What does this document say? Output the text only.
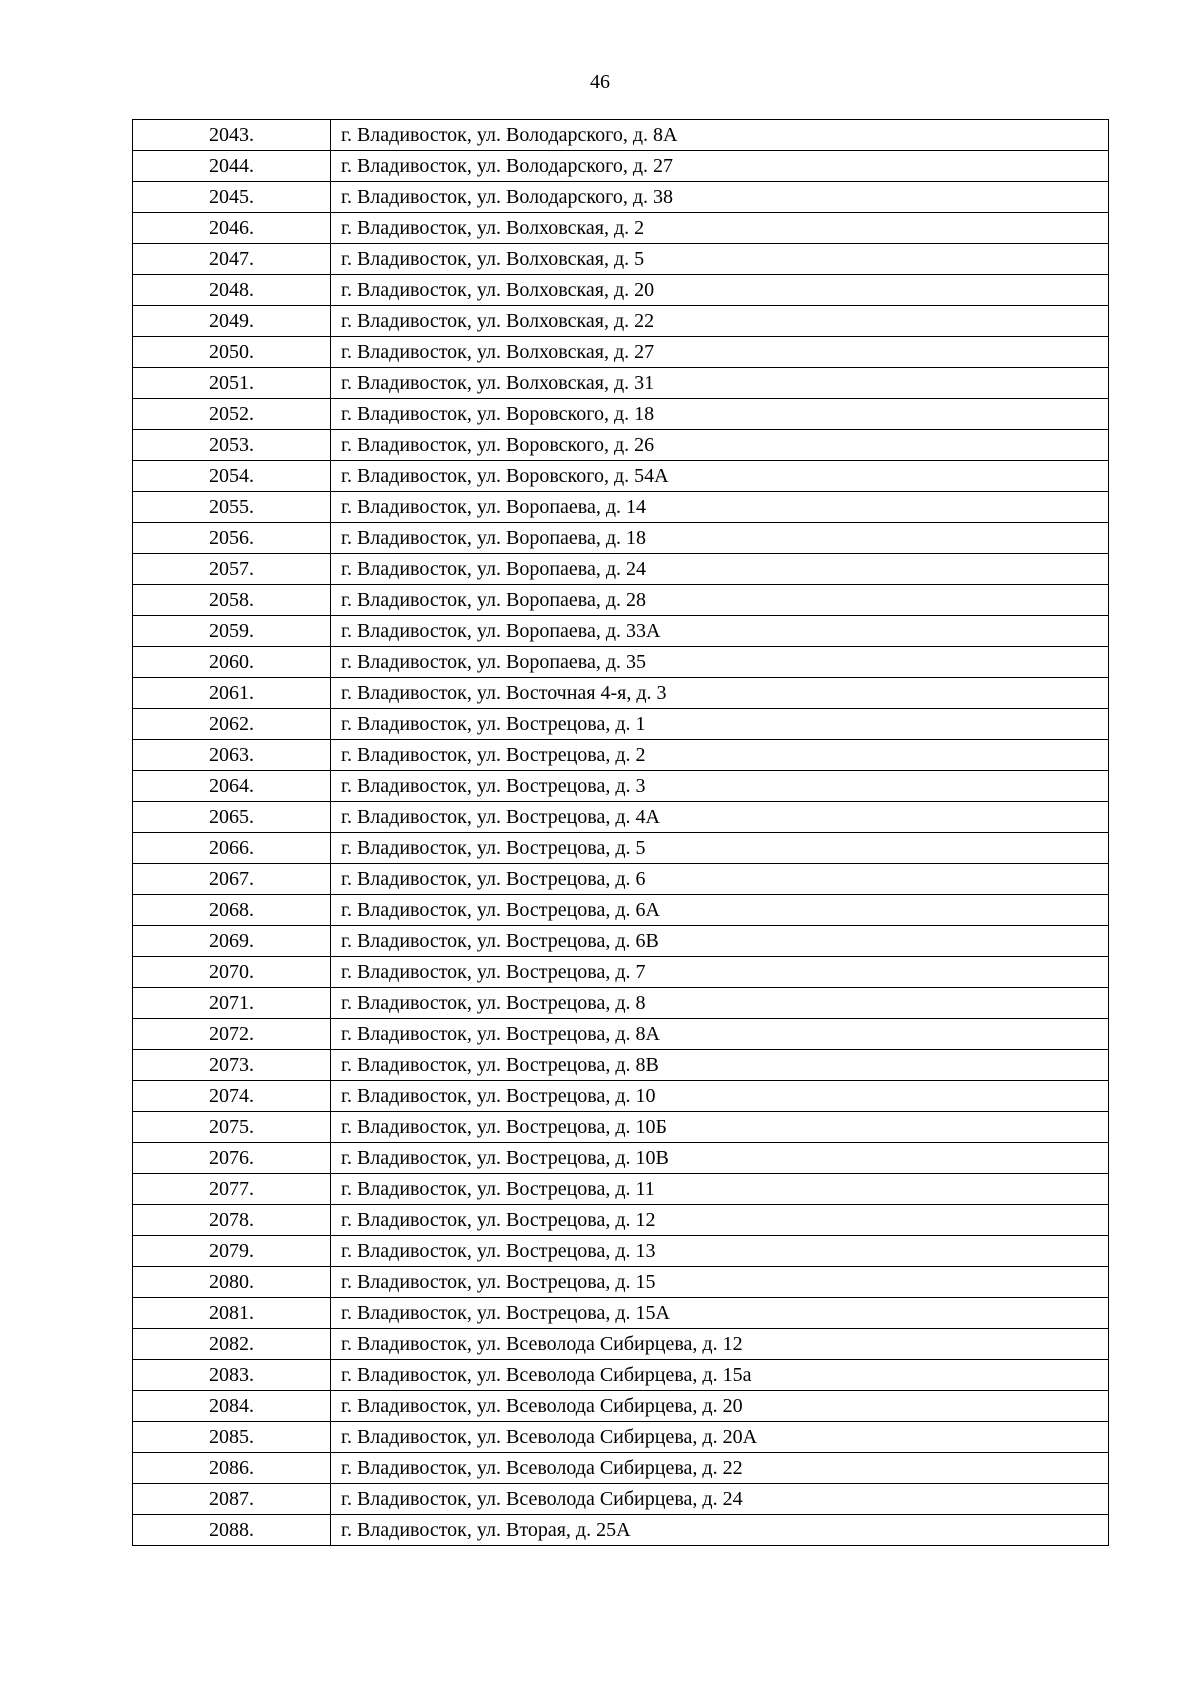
46
2043.	г. Владивосток, ул. Володарского, д. 8А
2044.	г. Владивосток, ул. Володарского, д. 27
2045.	г. Владивосток, ул. Володарского, д. 38
2046.	г. Владивосток, ул. Волховская, д. 2
2047.	г. Владивосток, ул. Волховская, д. 5
2048.	г. Владивосток, ул. Волховская, д. 20
2049.	г. Владивосток, ул. Волховская, д. 22
2050.	г. Владивосток, ул. Волховская, д. 27
2051.	г. Владивосток, ул. Волховская, д. 31
2052.	г. Владивосток, ул. Воровского, д. 18
2053.	г. Владивосток, ул. Воровского, д. 26
2054.	г. Владивосток, ул. Воровского, д. 54А
2055.	г. Владивосток, ул. Воропаева, д. 14
2056.	г. Владивосток, ул. Воропаева, д. 18
2057.	г. Владивосток, ул. Воропаева, д. 24
2058.	г. Владивосток, ул. Воропаева, д. 28
2059.	г. Владивосток, ул. Воропаева, д. 33А
2060.	г. Владивосток, ул. Воропаева, д. 35
2061.	г. Владивосток, ул. Восточная 4-я, д. 3
2062.	г. Владивосток, ул. Вострецова, д. 1
2063.	г. Владивосток, ул. Вострецова, д. 2
2064.	г. Владивосток, ул. Вострецова, д. 3
2065.	г. Владивосток, ул. Вострецова, д. 4А
2066.	г. Владивосток, ул. Вострецова, д. 5
2067.	г. Владивосток, ул. Вострецова, д. 6
2068.	г. Владивосток, ул. Вострецова, д. 6А
2069.	г. Владивосток, ул. Вострецова, д. 6В
2070.	г. Владивосток, ул. Вострецова, д. 7
2071.	г. Владивосток, ул. Вострецова, д. 8
2072.	г. Владивосток, ул. Вострецова, д. 8А
2073.	г. Владивосток, ул. Вострецова, д. 8В
2074.	г. Владивосток, ул. Вострецова, д. 10
2075.	г. Владивосток, ул. Вострецова, д. 10Б
2076.	г. Владивосток, ул. Вострецова, д. 10В
2077.	г. Владивосток, ул. Вострецова, д. 11
2078.	г. Владивосток, ул. Вострецова, д. 12
2079.	г. Владивосток, ул. Вострецова, д. 13
2080.	г. Владивосток, ул. Вострецова, д. 15
2081.	г. Владивосток, ул. Вострецова, д. 15А
2082.	г. Владивосток, ул. Всеволода Сибирцева, д. 12
2083.	г. Владивосток, ул. Всеволода Сибирцева, д. 15а
2084.	г. Владивосток, ул. Всеволода Сибирцева, д. 20
2085.	г. Владивосток, ул. Всеволода Сибирцева, д. 20А
2086.	г. Владивосток, ул. Всеволода Сибирцева, д. 22
2087.	г. Владивосток, ул. Всеволода Сибирцева, д. 24
2088.	г. Владивосток, ул. Вторая, д. 25А
